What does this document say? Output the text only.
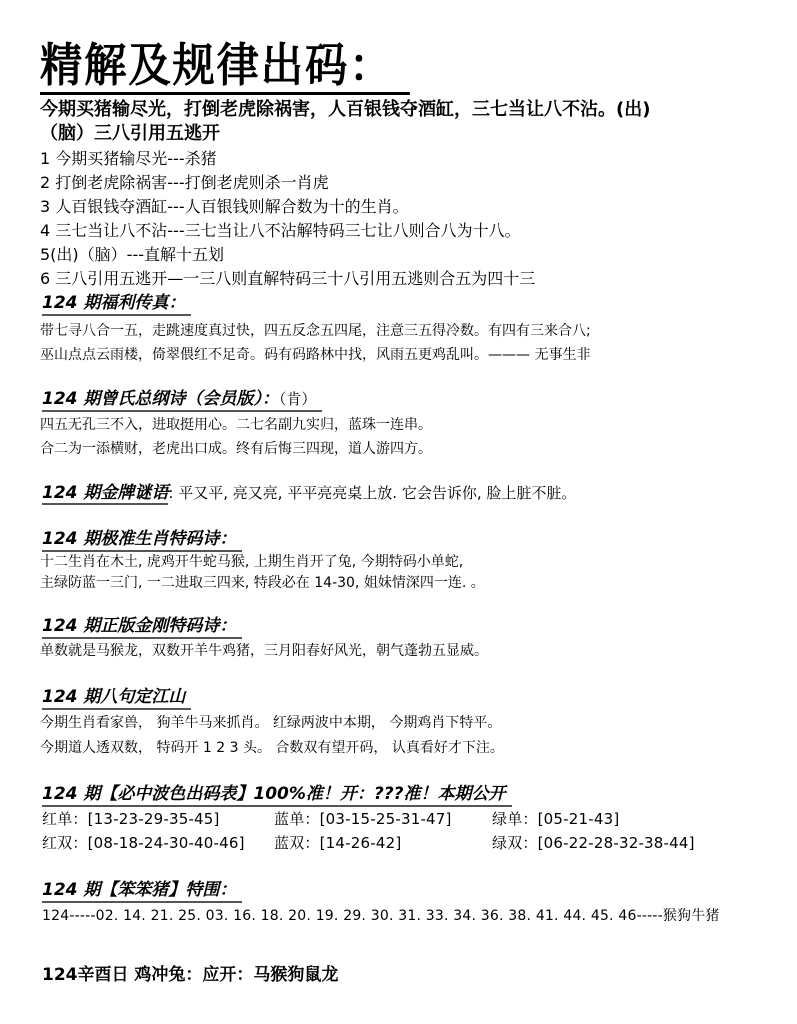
精解及规律出码：
今期买猪输尽光，打倒老虎除祸害，人百银钱夺酒缸，三七当让八不沾。(出)
（脑）三八引用五逃开
1 今期买猪输尽光---杀猪
2 打倒老虎除祸害---打倒老虎则杀一肖虎
3 人百银钱夺酒缸---人百银钱则解合数为十的生肖。
4 三七当让八不沾---三七当让八不沾解特码三七让八则合八为十八。
5(出)（脑）---直解十五划
6 三八引用五逃开—一三八则直解特码三十八引用五逃则合五为四十三
124 期福利传真：
带七寻八合一五，走跳速度真过快，四五反念五四尾，注意三五得冷数。有四有三来合八;
巫山点点云雨楼，倚翠偎红不足奇。码有码路林中找，风雨五更鸡乱叫。——— 无事生非
124 期曾氏总纲诗（会员版）：（肯）
四五无孔三不入，进取挺用心。二七名副九实归，蓝珠一连串。
合二为一添横财，老虎出口成。终有后悔三四现，道人游四方。
124 期金牌谜语: 平又平, 亮又亮, 平平亮亮桌上放. 它会告诉你, 脸上脏不脏。
124 期极准生肖特码诗：
十二生肖在木土, 虎鸡开牛蛇马猴, 上期生肖开了兔, 今期特码小单蛇,
主绿防蓝一三门, 一二进取三四来, 特段必在 14-30, 姐妹情深四一连. 。
124 期正版金刚特码诗：
单数就是马猴龙，双数开羊牛鸡猪，三月阳春好风光，朝气蓬勃五显威。
124 期八句定江山
今期生肖看家兽， 狗羊牛马来抓肖。 红绿两波中本期， 今期鸡肖下特平。
今期道人透双数， 特码开 1 2 3 头。 合数双有望开码， 认真看好才下注。
124 期【必中波色出码表】100%准！开：???准！本期公开
红单：[13-23-29-35-45]	蓝单：[03-15-25-31-47]	绿单：[05-21-43]
红双：[08-18-24-30-40-46] 蓝双：[14-26-42]	绿双：[06-22-28-32-38-44]
124 期【笨笨猪】特围：
124-----02. 14. 21. 25. 03. 16. 18. 20. 19. 29. 30. 31. 33. 34. 36. 38. 41. 44. 45. 46-----猴狗牛猪
124辛酉日 鸡冲兔：应开：马猴狗鼠龙
